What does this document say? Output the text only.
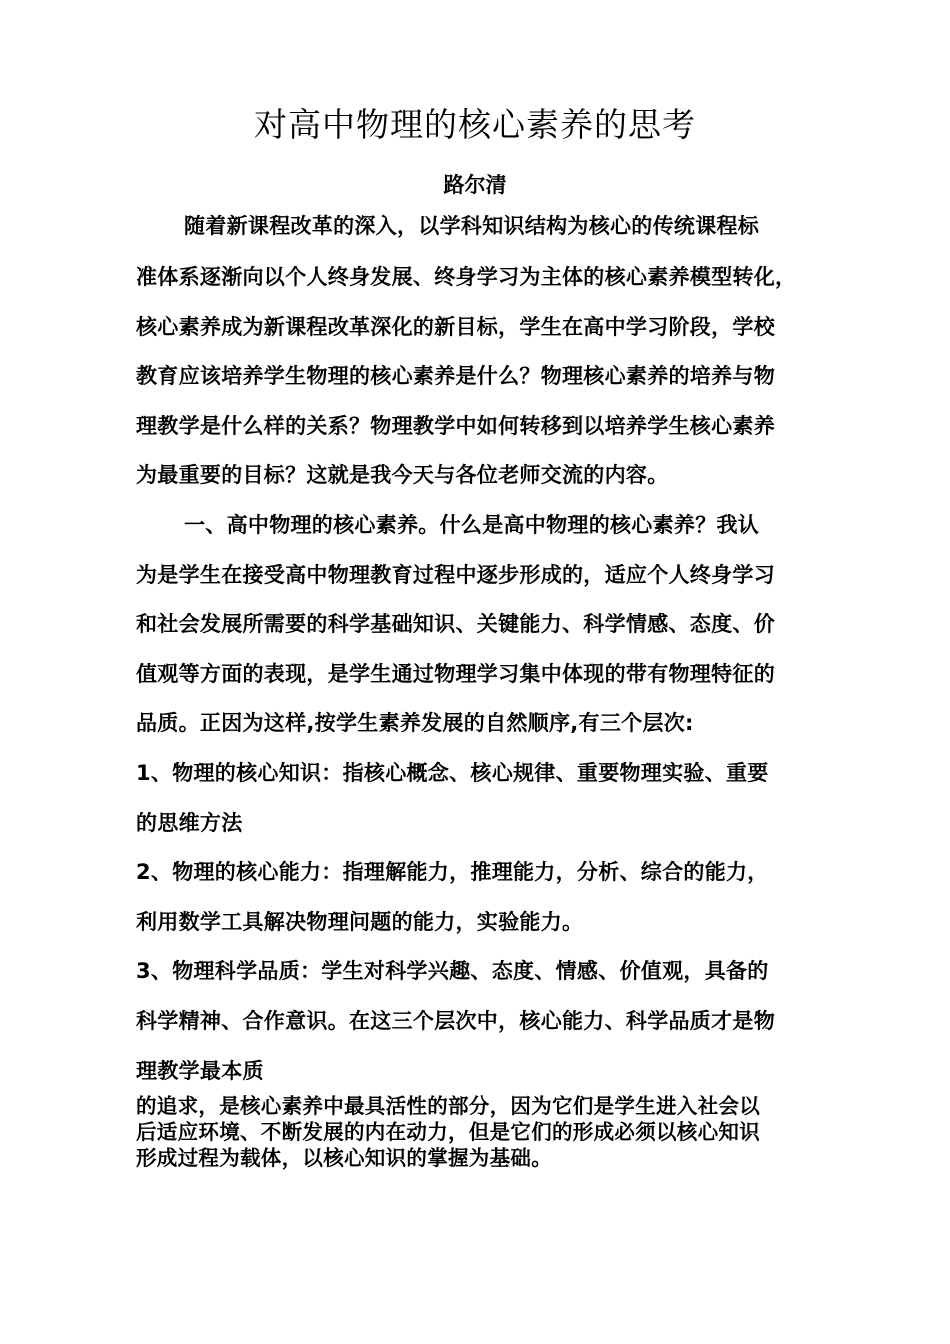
对高中物理的核心素养的思考
路尔清
随着新课程改革的深入，以学科知识结构为核心的传统课程标
准体系逐渐向以个人终身发展、终身学习为主体的核心素养模型转化，
核心素养成为新课程改革深化的新目标，学生在高中学习阶段，学校
教育应该培养学生物理的核心素养是什么？物理核心素养的培养与物
理教学是什么样的关系？物理教学中如何转移到以培养学生核心素养
为最重要的目标？这就是我今天与各位老师交流的内容。
一、高中物理的核心素养。什么是高中物理的核心素养？我认
为是学生在接受高中物理教育过程中逐步形成的，适应个人终身学习
和社会发展所需要的科学基础知识、关键能力、科学情感、态度、价
值观等方面的表现，是学生通过物理学习集中体现的带有物理特征的
品质。正因为这样,按学生素养发展的自然顺序,有三个层次:
1、物理的核心知识：指核心概念、核心规律、重要物理实验、重要
的思维方法
2、物理的核心能力：指理解能力，推理能力，分析、综合的能力，
利用数学工具解决物理问题的能力，实验能力。
3、物理科学品质：学生对科学兴趣、态度、情感、价值观，具备的
科学精神、合作意识。在这三个层次中，核心能力、科学品质才是物
理教学最本质
的追求，是核心素养中最具活性的部分，因为它们是学生进入社会以
后适应环境、不断发展的内在动力，但是它们的形成必须以核心知识
形成过程为载体，以核心知识的掌握为基础。
